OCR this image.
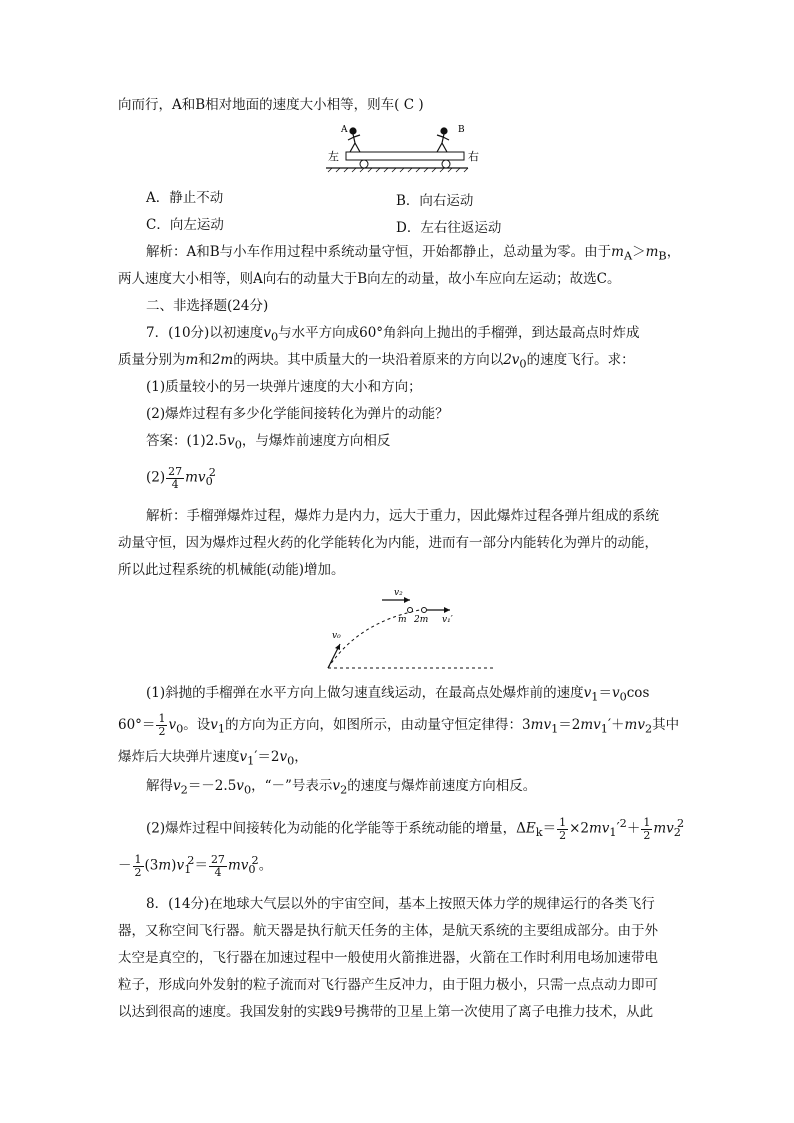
向而行，A和B相对地面的速度大小相等，则车( C )
A	B
左	右
A．静止不动	B．向右运动
C．向左运动	D．左右往返运动
解析：A和B与小车作用过程中系统动量守恒，开始都静止，总动量为零。由于$m_A>m_B$，
两人速度大小相等，则A向右的动量大于B向左的动量，故小车应向左运动；故选C。
二、非选择题(24分)
7．(10分)以初速度$v_0$与水平方向成60°角斜向上抛出的手榴弹，到达最高点时炸成
质量分别为m和2m的两块。其中质量大的一块沿着原来的方向以$2v_0$的速度飞行。求：
(1)质量较小的另一块弹片速度的大小和方向；
(2)爆炸过程有多少化学能间接转化为弹片的动能？
答案：$(1)2.5v_0$，与爆炸前速度方向相反
$(2) \frac{27}{4} mv_0^2$
解析：手榴弹爆炸过程，爆炸力是内力，远大于重力，因此爆炸过程各弹片组成的系统
动量守恒，因为爆炸过程火药的化学能转化为内能，进而有一部分内能转化为弹片的动能，
所以此过程系统的机械能(动能)增加。
v₂
v₀
m 2m v₁′
(1)斜抛的手榴弹在水平方向上做匀速直线运动，在最高点处爆炸前的速度$v_1=v_0\cos$
$60^\circ= \frac{1}{2} v_0$。设$v_1$的方向为正方向，如图所示，由动量守恒定律得：$3mv_1=2mv_1'+mv_2$其中
爆炸后大块弹片速度$v_1'=2v_0$，
解得$v_2=-2.5v_0$，“－”号表示$v_2$的速度与爆炸前速度方向相反。
(2)爆炸过程中间接转化为动能的化学能等于系统动能的增量，$\Delta E_k= \frac{1}{2} \times 2mv_1'^2+ \frac{1}{2} mv_2^2$
－ $\frac{1}{2} (3m)v_1^2= \frac{27}{4} mv_0^2$。
8．(14分)在地球大气层以外的宇宙空间，基本上按照天体力学的规律运行的各类飞行
器，又称空间飞行器。航天器是执行航天任务的主体，是航天系统的主要组成部分。由于外
太空是真空的，飞行器在加速过程中一般使用火箭推进器，火箭在工作时利用电场加速带电
粒子，形成向外发射的粒子流而对飞行器产生反冲力，由于阻力极小，只需一点点动力即可
以达到很高的速度。我国发射的实践9号携带的卫星上第一次使用了离子电推力技术，从此
